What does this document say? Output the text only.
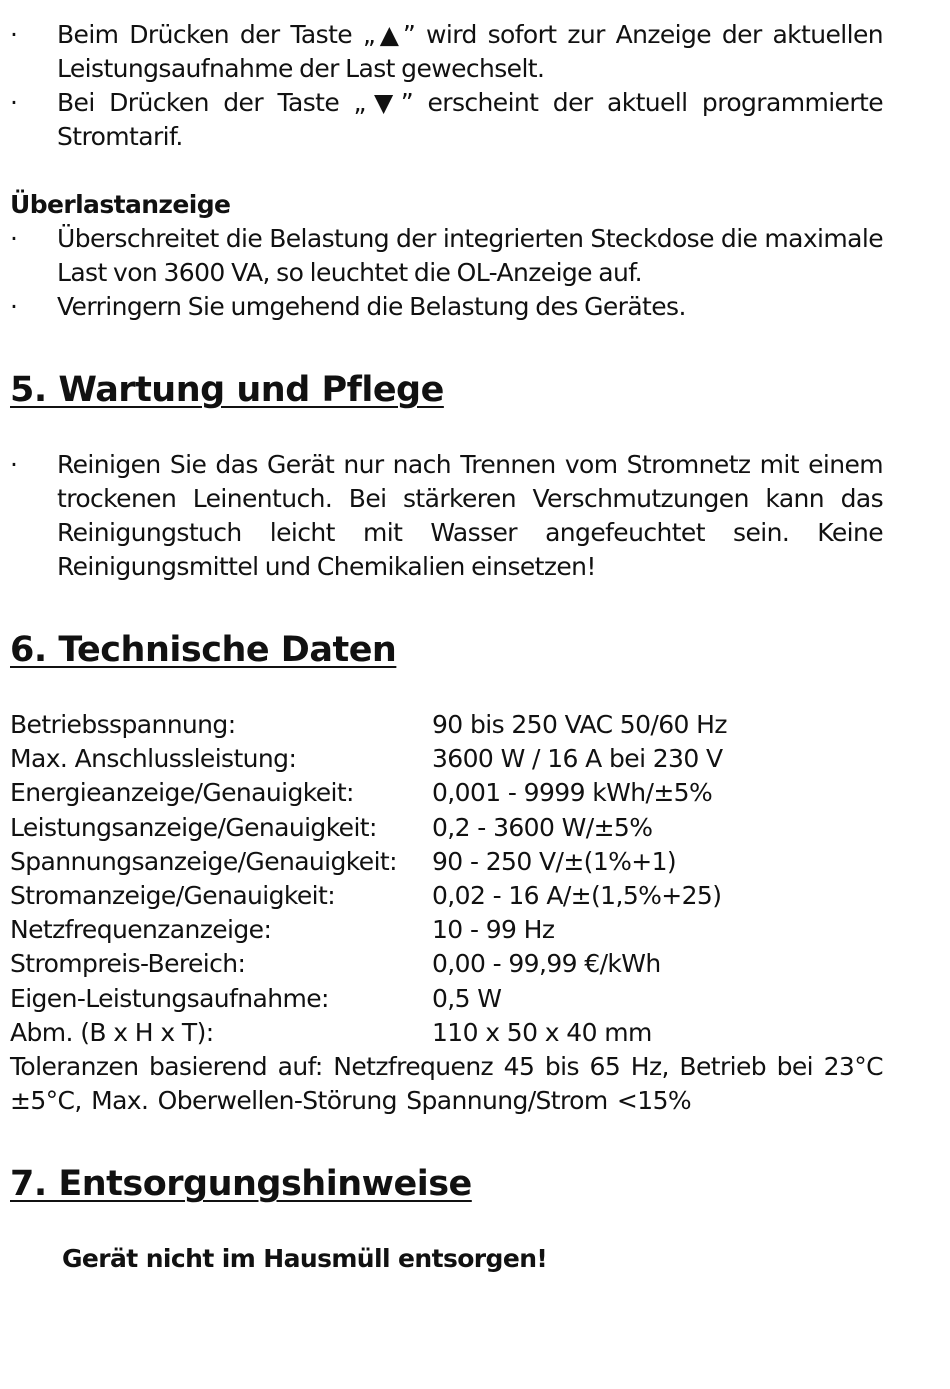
·	Beim Drücken der Taste „▲” wird sofort zur Anzeige der aktuellen Leistungsaufnahme der Last gewechselt.
·	Bei Drücken der Taste „▼” erscheint der aktuell programmierte Stromtarif.
Überlastanzeige
·	Überschreitet die Belastung der integrierten Steckdose die maximale Last von 3600 VA, so leuchtet die OL-Anzeige auf.
·	Verringern Sie umgehend die Belastung des Gerätes.
5. Wartung und Pflege
·	Reinigen Sie das Gerät nur nach Trennen vom Stromnetz mit einem trockenen Leinentuch. Bei stärkeren Verschmutzungen kann das Reinigungstuch leicht mit Wasser angefeuchtet sein. Keine Reinigungsmittel und Chemikalien einsetzen!
6. Technische Daten
Betriebsspannung:	90 bis 250 VAC 50/60 Hz
Max. Anschlussleistung:	3600 W / 16 A bei 230 V
Energieanzeige/Genauigkeit:	0,001 - 9999 kWh/±5%
Leistungsanzeige/Genauigkeit:	0,2 - 3600 W/±5%
Spannungsanzeige/Genauigkeit:	90 - 250 V/±(1%+1)
Stromanzeige/Genauigkeit:	0,02 - 16 A/±(1,5%+25)
Netzfrequenzanzeige:	10 - 99 Hz
Strompreis-Bereich:	0,00 - 99,99 €/kWh
Eigen-Leistungsaufnahme:	0,5 W
Abm. (B x H x T):	110 x 50 x 40 mm
Toleranzen basierend auf: Netzfrequenz 45 bis 65 Hz, Betrieb bei 23°C ±5°C, Max. Oberwellen-Störung Spannung/Strom <15%
7. Entsorgungshinweise
Gerät nicht im Hausmüll entsorgen!
